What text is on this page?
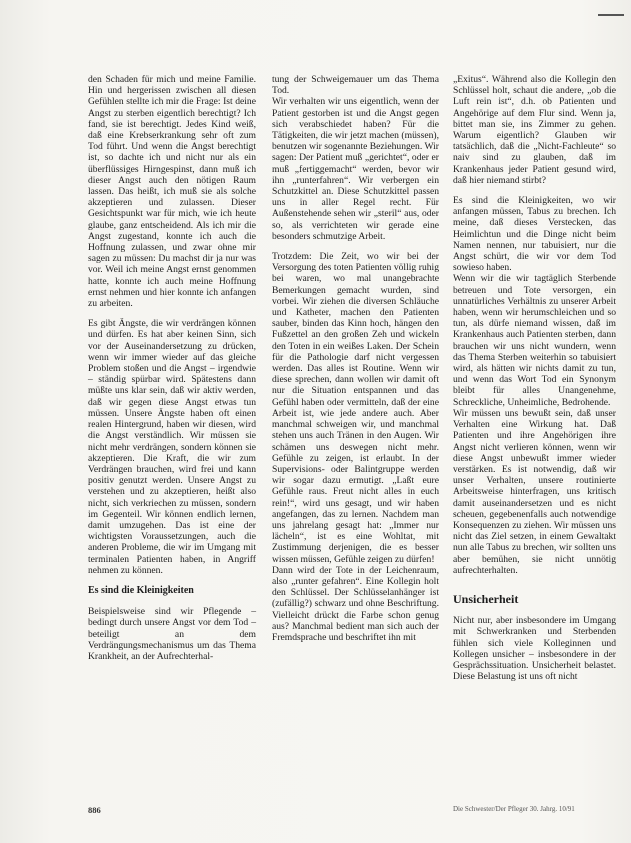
den Schaden für mich und meine Familie. Hin und hergerissen zwischen all diesen Gefühlen stellte ich mir die Frage: Ist deine Angst zu sterben eigentlich berechtigt? Ich fand, sie ist berechtigt. Jedes Kind weiß, daß eine Krebserkrankung sehr oft zum Tod führt. Und wenn die Angst berechtigt ist, so dachte ich und nicht nur als ein überflüssiges Hirngespinst, dann muß ich dieser Angst auch den nötigen Raum lassen. Das heißt, ich muß sie als solche akzeptieren und zulassen. Dieser Gesichtspunkt war für mich, wie ich heute glaube, ganz entscheidend. Als ich mir die Angst zugestand, konnte ich auch die Hoffnung zulassen, und zwar ohne mir sagen zu müssen: Du machst dir ja nur was vor. Weil ich meine Angst ernst genommen hatte, konnte ich auch meine Hoffnung ernst nehmen und hier konnte ich anfangen zu arbeiten.

Es gibt Ängste, die wir verdrängen können und dürfen. Es hat aber keinen Sinn, sich vor der Auseinandersetzung zu drücken, wenn wir immer wieder auf das gleiche Problem stoßen und die Angst – irgendwie – ständig spürbar wird. Spätestens dann müßte uns klar sein, daß wir aktiv werden, daß wir gegen diese Angst etwas tun müssen. Unsere Ängste haben oft einen realen Hintergrund, haben wir diesen, wird die Angst verständlich. Wir müssen sie nicht mehr verdrängen, sondern können sie akzeptieren. Die Kraft, die wir zum Verdrängen brauchen, wird frei und kann positiv genutzt werden. Unsere Angst zu verstehen und zu akzeptieren, heißt also nicht, sich verkriechen zu müssen, sondern im Gegenteil. Wir können endlich lernen, damit umzugehen. Das ist eine der wichtigsten Voraussetzungen, auch die anderen Probleme, die wir im Umgang mit terminalen Patienten haben, in Angriff nehmen zu können.

Es sind die Kleinigkeiten

Beispielsweise sind wir Pflegende – bedingt durch unsere Angst vor dem Tod – beteiligt an dem Verdrängungsmechanismus um das Thema Krankheit, an der Aufrechterhal-

tung der Schweigemauer um das Thema Tod.
Wir verhalten wir uns eigentlich, wenn der Patient gestorben ist und die Angst gegen sich verabschiedet haben? Für die Tätigkeiten, die wir jetzt machen (müssen), benutzen wir sogenannte Beziehungen. Wir sagen: Der Patient muß „gerichtet“, oder er muß „fertiggemacht“ werden, bevor wir ihn „runterfahren“. Wir verbergen ein Schutzkittel an. Diese Schutzkittel passen uns in aller Regel recht. Für Außenstehende sehen wir „steril“ aus, oder so, als verrichteten wir gerade eine besonders schmutzige Arbeit.

Trotzdem: Die Zeit, wo wir bei der Versorgung des toten Patienten völlig ruhig bei waren, wo mal unangebrachte Bemerkungen gemacht wurden, sind vorbei. Wir ziehen die diversen Schläuche und Katheter, machen den Patienten sauber, binden das Kinn hoch, hängen den Fußzettel an den großen Zeh und wickeln den Toten in ein weißes Laken. Der Schein für die Pathologie darf nicht vergessen werden. Das alles ist Routine. Wenn wir diese sprechen, dann wollen wir damit oft nur die Situation entspannen und das Gefühl haben oder vermitteln, daß der eine Arbeit ist, wie jede andere auch. Aber manchmal schweigen wir, und manchmal stehen uns auch Tränen in den Augen. Wir schämen uns deswegen nicht mehr. Gefühle zu zeigen, ist erlaubt. In der Supervisions- oder Balintgruppe werden wir sogar dazu ermutigt. „Laßt eure Gefühle raus. Freut nicht alles in euch rein!“, wird uns gesagt, und wir haben angefangen, das zu lernen. Nachdem man uns jahrelang gesagt hat: „Immer nur lächeln“, ist es eine Wohltat, mit Zustimmung derjenigen, die es besser wissen müssen, Gefühle zeigen zu dürfen!
Dann wird der Tote in der Leichenraum, also „runter gefahren“. Eine Kollegin holt den Schlüssel. Der Schlüsselanhänger ist (zufällig?) schwarz und ohne Beschriftung. Vielleicht drückt die Farbe schon genug aus? Manchmal bedient man sich auch der Fremdsprache und beschriftet ihn mit

„Exitus“. Während also die Kollegin den Schlüssel holt, schaut die andere, „ob die Luft rein ist“, d.h. ob Patienten und Angehörige auf dem Flur sind. Wenn ja, bittet man sie, ins Zimmer zu gehen. Warum eigentlich? Glauben wir tatsächlich, daß die „Nicht-Fachleute“ so naiv sind zu glauben, daß im Krankenhaus jeder Patient gesund wird, daß hier niemand stirbt?

Es sind die Kleinigkeiten, wo wir anfangen müssen, Tabus zu brechen. Ich meine, daß dieses Verstecken, das Heimlichtun und die Dinge nicht beim Namen nennen, nur tabuisiert, nur die Angst schürt, die wir vor dem Tod sowieso haben.
Wenn wir die wir tagtäglich Sterbende betreuen und Tote versorgen, ein unnatürliches Verhältnis zu unserer Arbeit haben, wenn wir herumschleichen und so tun, als dürfe niemand wissen, daß im Krankenhaus auch Patienten sterben, dann brauchen wir uns nicht wundern, wenn das Thema Sterben weiterhin so tabuisiert wird, als hätten wir nichts damit zu tun, und wenn das Wort Tod ein Synonym bleibt für alles Unangenehme, Schreckliche, Unheimliche, Bedrohende.
Wir müssen uns bewußt sein, daß unser Verhalten eine Wirkung hat. Daß Patienten und ihre Angehörigen ihre Angst nicht verlieren können, wenn wir diese Angst unbewußt immer wieder verstärken. Es ist notwendig, daß wir unser Verhalten, unsere routinierte Arbeitsweise hinterfragen, uns kritisch damit auseinandersetzen und es nicht scheuen, gegebenenfalls auch notwendige Konsequenzen zu ziehen. Wir müssen uns nicht das Ziel setzen, in einem Gewaltakt nun alle Tabus zu brechen, wir sollten uns aber bemühen, sie nicht unnötig aufrechterhalten.

Unsicherheit

Nicht nur, aber insbesondere im Umgang mit Schwerkranken und Sterbenden fühlen sich viele Kolleginnen und Kollegen unsicher – insbesondere in der Gesprächssituation. Unsicherheit belastet. Diese Belastung ist uns oft nicht

886	Die Schwester/Der Pfleger 30. Jahrg. 10/91
